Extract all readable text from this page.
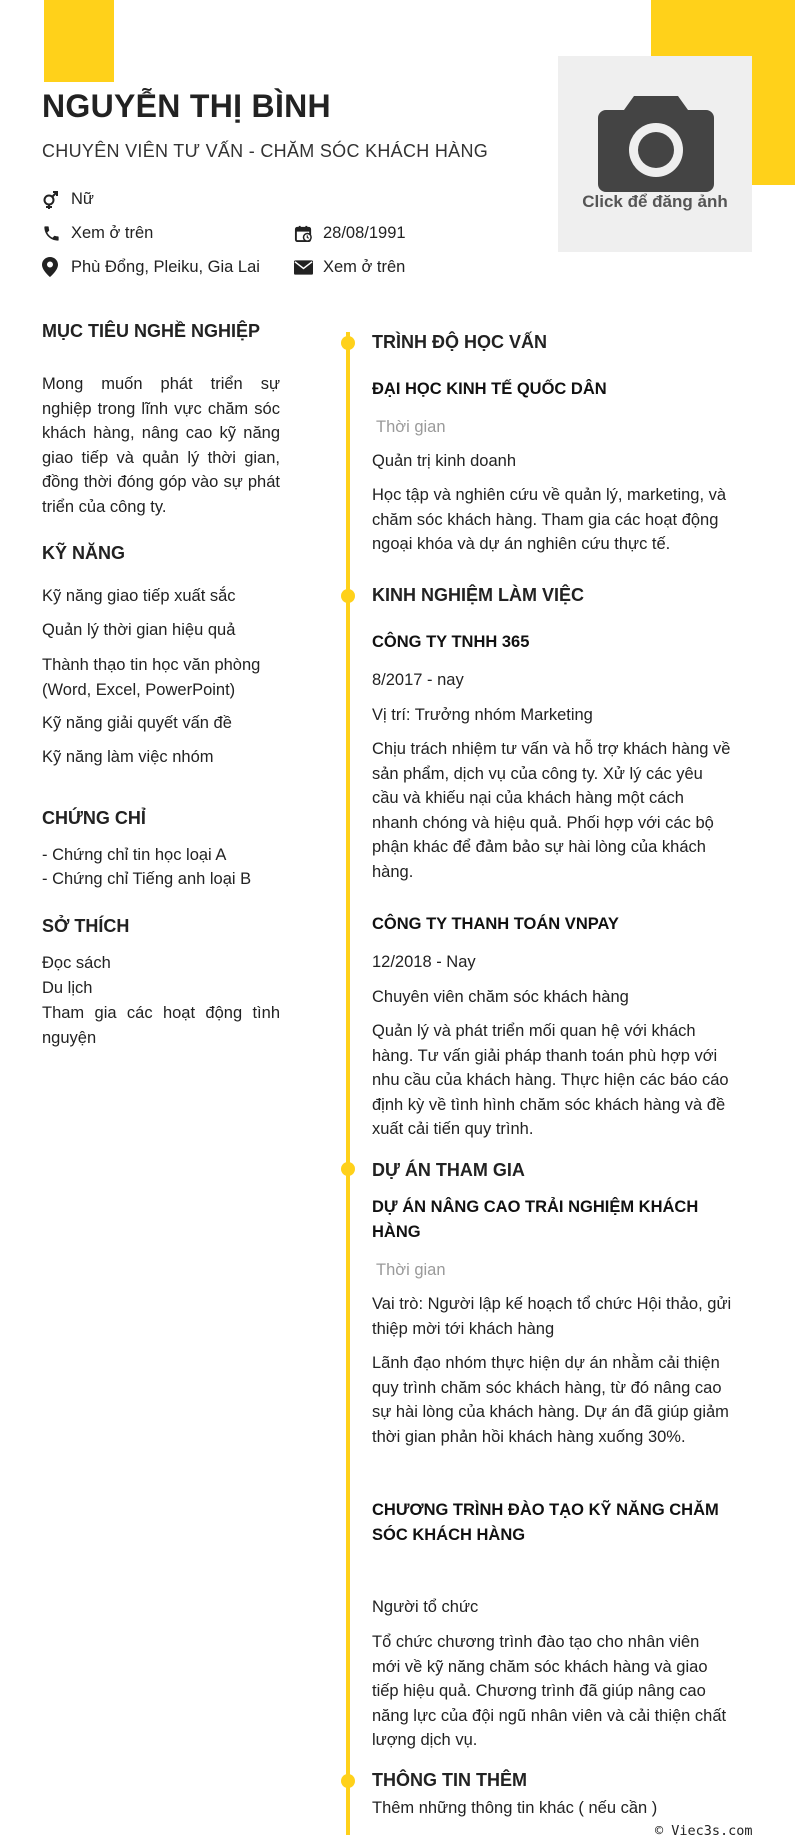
Click để đăng ảnh
NGUYỄN THỊ BÌNH
CHUYÊN VIÊN TƯ VẤN - CHĂM SÓC KHÁCH HÀNG
Nữ
Xem ở trên	28/08/1991
Phù Đổng, Pleiku, Gia Lai	Xem ở trên
MỤC TIÊU NGHỀ NGHIỆP
Mong muốn phát triển sự nghiệp trong lĩnh vực chăm sóc khách hàng, nâng cao kỹ năng giao tiếp và quản lý thời gian, đồng thời đóng góp vào sự phát triển của công ty.
KỸ NĂNG
Kỹ năng giao tiếp xuất sắc
Quản lý thời gian hiệu quả
Thành thạo tin học văn phòng (Word, Excel, PowerPoint)
Kỹ năng giải quyết vấn đề
Kỹ năng làm việc nhóm
CHỨNG CHỈ
- Chứng chỉ tin học loại A
- Chứng chỉ Tiếng anh loại B
SỞ THÍCH
Đọc sách
Du lịch
Tham gia các hoạt động tình nguyện
TRÌNH ĐỘ HỌC VẤN
ĐẠI HỌC KINH TẾ QUỐC DÂN
Thời gian
Quản trị kinh doanh
Học tập và nghiên cứu về quản lý, marketing, và chăm sóc khách hàng. Tham gia các hoạt động ngoại khóa và dự án nghiên cứu thực tế.
KINH NGHIỆM LÀM VIỆC
CÔNG TY TNHH 365
8/2017 - nay
Vị trí: Trưởng nhóm Marketing
Chịu trách nhiệm tư vấn và hỗ trợ khách hàng về sản phẩm, dịch vụ của công ty. Xử lý các yêu cầu và khiếu nại của khách hàng một cách nhanh chóng và hiệu quả. Phối hợp với các bộ phận khác để đảm bảo sự hài lòng của khách hàng.
CÔNG TY THANH TOÁN VNPAY
12/2018 - Nay
Chuyên viên chăm sóc khách hàng
Quản lý và phát triển mối quan hệ với khách hàng. Tư vấn giải pháp thanh toán phù hợp với nhu cầu của khách hàng. Thực hiện các báo cáo định kỳ về tình hình chăm sóc khách hàng và đề xuất cải tiến quy trình.
DỰ ÁN THAM GIA
DỰ ÁN NÂNG CAO TRẢI NGHIỆM KHÁCH HÀNG
Thời gian
Vai trò: Người lập kế hoạch tổ chức Hội thảo, gửi thiệp mời tới khách hàng
Lãnh đạo nhóm thực hiện dự án nhằm cải thiện quy trình chăm sóc khách hàng, từ đó nâng cao sự hài lòng của khách hàng. Dự án đã giúp giảm thời gian phản hồi khách hàng xuống 30%.
CHƯƠNG TRÌNH ĐÀO TẠO KỸ NĂNG CHĂM SÓC KHÁCH HÀNG
Người tổ chức
Tổ chức chương trình đào tạo cho nhân viên mới về kỹ năng chăm sóc khách hàng và giao tiếp hiệu quả. Chương trình đã giúp nâng cao năng lực của đội ngũ nhân viên và cải thiện chất lượng dịch vụ.
THÔNG TIN THÊM
Thêm những thông tin khác ( nếu cần )
© Viec3s.com
